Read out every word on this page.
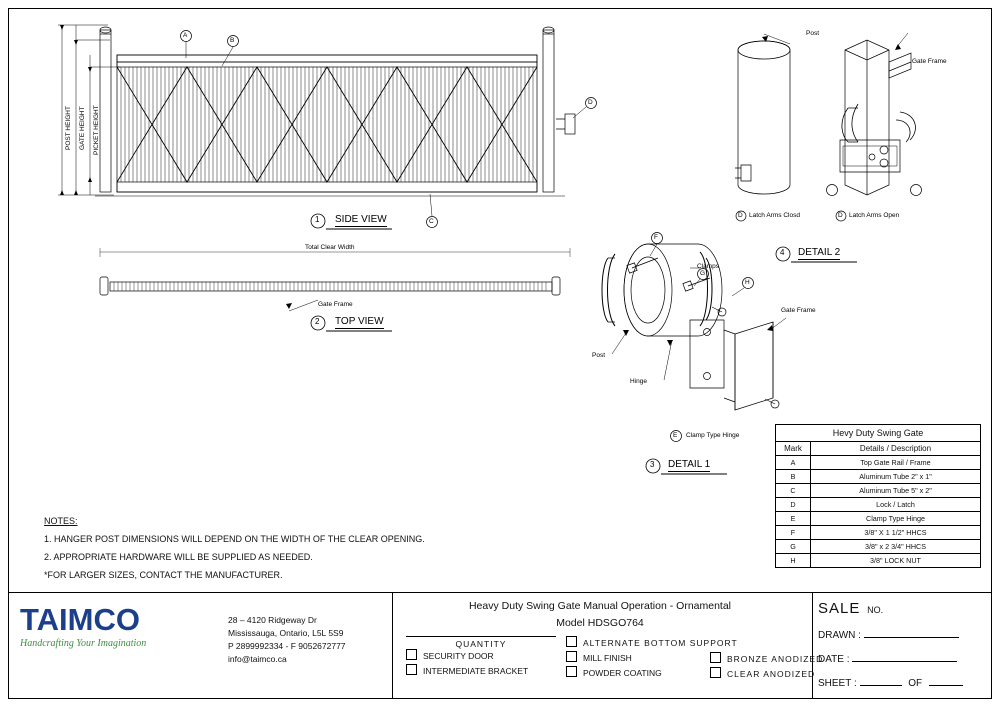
POST HEIGHT GATE HEIGHT PICKET HEIGHT
A
B
C
D
SIDE VIEW
1
Total Clear Width
Gate Frame
TOP VIEW
2
Post
Gate Frame
D	D
Latch Arms Closd	Latch Arms Open
DETAIL 2
4
Clamps
Post
Hinge
Gate Frame
F
G
H
E Clamp Type Hinge
DETAIL 1
3
NOTES:
1. HANGER POST DIMENSIONS WILL DEPEND ON THE WIDTH OF THE CLEAR OPENING.
2. APPROPRIATE HARDWARE WILL BE SUPPLIED AS NEEDED.
*FOR LARGER SIZES, CONTACT THE MANUFACTURER.
Hevy Duty Swing Gate	
Mark	Details / Description
A	Top Gate Rail / Frame
B	Aluminum Tube 2" x 1"
C	Aluminum Tube 5" x 2"
D	Lock / Latch
E	Clamp Type Hinge
F	3/8" X 1 1/2" HHCS
G	3/8" x 2 3/4" HHCS
H	3/8" LOCK NUT
TAIMCO
Handcrafting Your Imagination
28 – 4120 Ridgeway Dr
Mississauga, Ontario, L5L 5S9
P 2899992334 - F 9052672777
info@taimco.ca
Heavy Duty Swing Gate Manual Operation - Ornamental
Model HDSGO764
QUANTITY
SECURITY DOOR
INTERMEDIATE BRACKET
ALTERNATE BOTTOM SUPPORT
MILL FINISH
POWDER COATING
BRONZE ANODIZED
CLEAR ANODIZED
SALE NO.
DRAWN :
DATE :
SHEET :	OF
